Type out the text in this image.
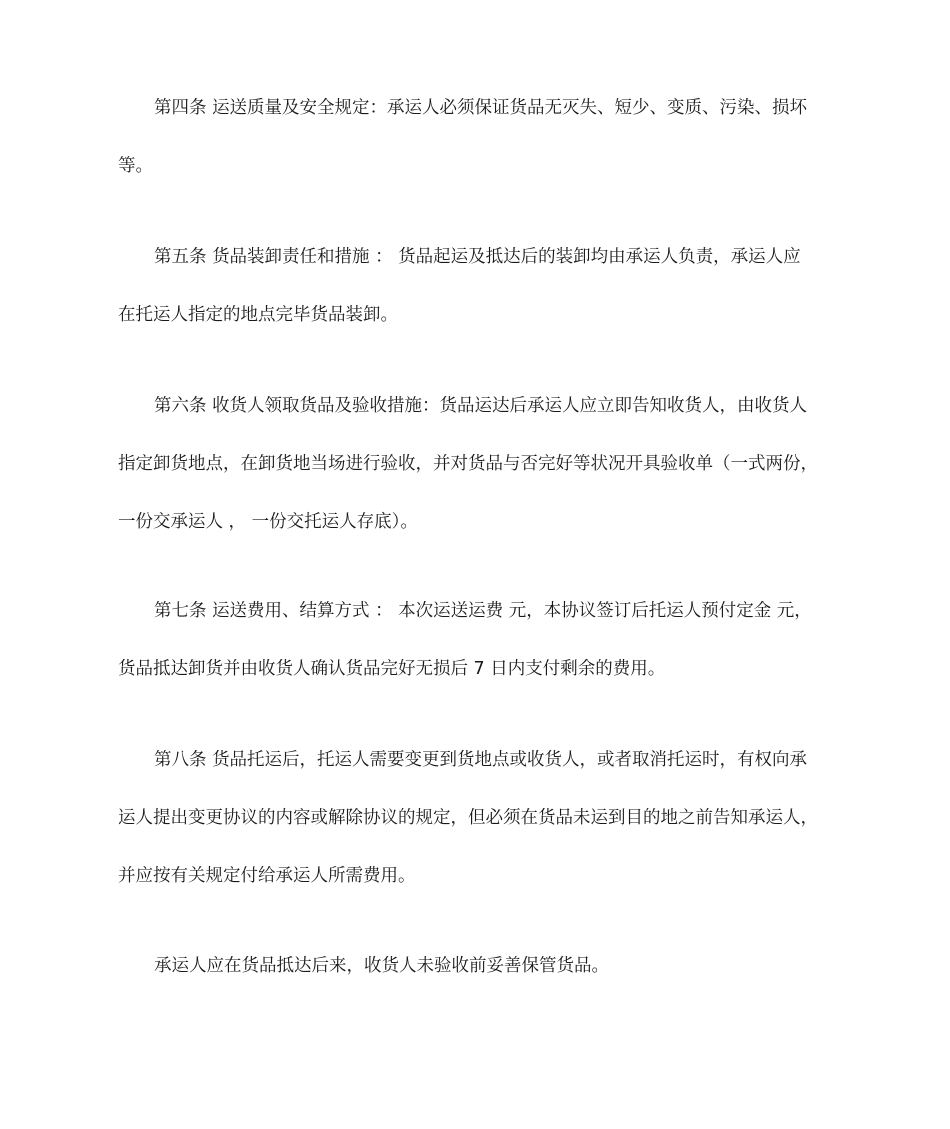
第四条 运送质量及安全规定：承运人必须保证货品无灭失、短少、变质、污染、损坏
等。
第五条 货品装卸责任和措施 ： 货品起运及抵达后的装卸均由承运人负责，承运人应
在托运人指定的地点完毕货品装卸。
第六条 收货人领取货品及验收措施：货品运达后承运人应立即告知收货人，由收货人
指定卸货地点，在卸货地当场进行验收，并对货品与否完好等状况开具验收单（一式两份，
一份交承运人 ， 一份交托运人存底）。
第七条 运送费用、结算方式 ： 本次运送运费 元，本协议签订后托运人预付定金 元，
货品抵达卸货并由收货人确认货品完好无损后 7 日内支付剩余的费用。
第八条 货品托运后，托运人需要变更到货地点或收货人，或者取消托运时，有权向承
运人提出变更协议的内容或解除协议的规定，但必须在货品未运到目的地之前告知承运人，
并应按有关规定付给承运人所需费用。
承运人应在货品抵达后来，收货人未验收前妥善保管货品。
